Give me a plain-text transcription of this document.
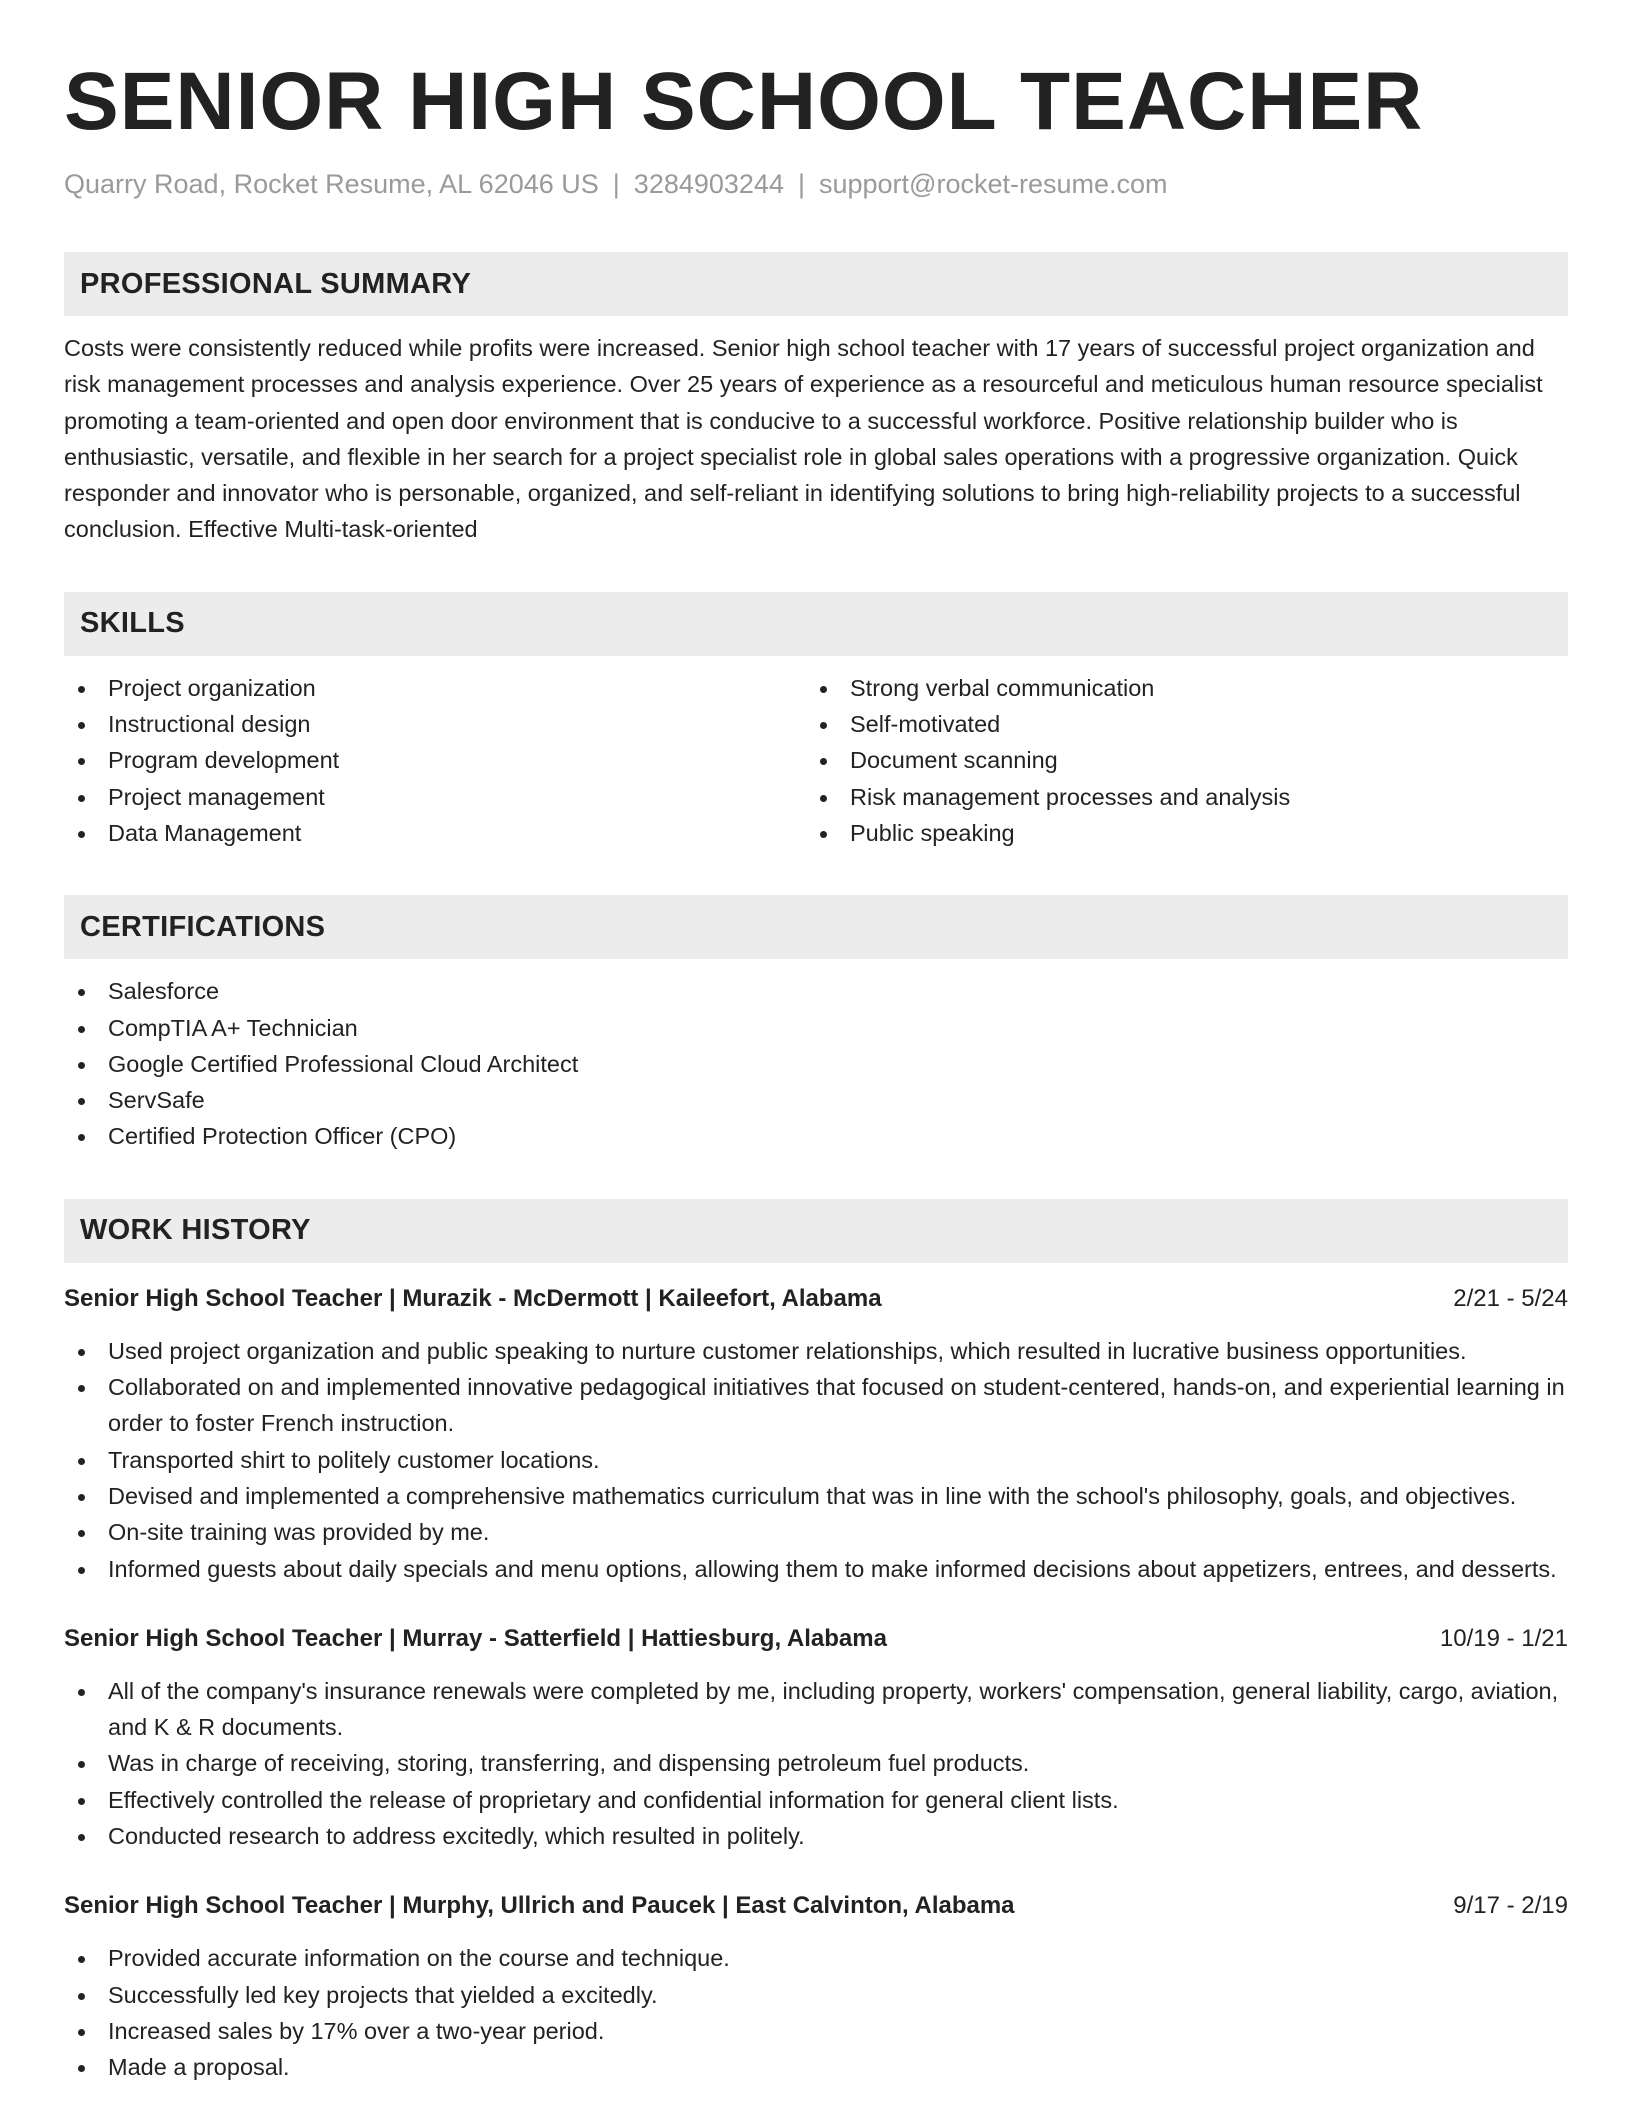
SENIOR HIGH SCHOOL TEACHER
Quarry Road, Rocket Resume, AL 62046 US | 3284903244 | support@rocket-resume.com
PROFESSIONAL SUMMARY
Costs were consistently reduced while profits were increased. Senior high school teacher with 17 years of successful project organization and risk management processes and analysis experience. Over 25 years of experience as a resourceful and meticulous human resource specialist promoting a team-oriented and open door environment that is conducive to a successful workforce. Positive relationship builder who is enthusiastic, versatile, and flexible in her search for a project specialist role in global sales operations with a progressive organization. Quick responder and innovator who is personable, organized, and self-reliant in identifying solutions to bring high-reliability projects to a successful conclusion. Effective Multi-task-oriented
SKILLS
Project organization
Instructional design
Program development
Project management
Data Management
Strong verbal communication
Self-motivated
Document scanning
Risk management processes and analysis
Public speaking
CERTIFICATIONS
Salesforce
CompTIA A+ Technician
Google Certified Professional Cloud Architect
ServSafe
Certified Protection Officer (CPO)
WORK HISTORY
Senior High School Teacher | Murazik - McDermott | Kaileefort, Alabama	2/21 - 5/24
Used project organization and public speaking to nurture customer relationships, which resulted in lucrative business opportunities.
Collaborated on and implemented innovative pedagogical initiatives that focused on student-centered, hands-on, and experiential learning in order to foster French instruction.
Transported shirt to politely customer locations.
Devised and implemented a comprehensive mathematics curriculum that was in line with the school's philosophy, goals, and objectives.
On-site training was provided by me.
Informed guests about daily specials and menu options, allowing them to make informed decisions about appetizers, entrees, and desserts.
Senior High School Teacher | Murray - Satterfield | Hattiesburg, Alabama	10/19 - 1/21
All of the company's insurance renewals were completed by me, including property, workers' compensation, general liability, cargo, aviation, and K & R documents.
Was in charge of receiving, storing, transferring, and dispensing petroleum fuel products.
Effectively controlled the release of proprietary and confidential information for general client lists.
Conducted research to address excitedly, which resulted in politely.
Senior High School Teacher | Murphy, Ullrich and Paucek | East Calvinton, Alabama	9/17 - 2/19
Provided accurate information on the course and technique.
Successfully led key projects that yielded a excitedly.
Increased sales by 17% over a two-year period.
Made a proposal.
